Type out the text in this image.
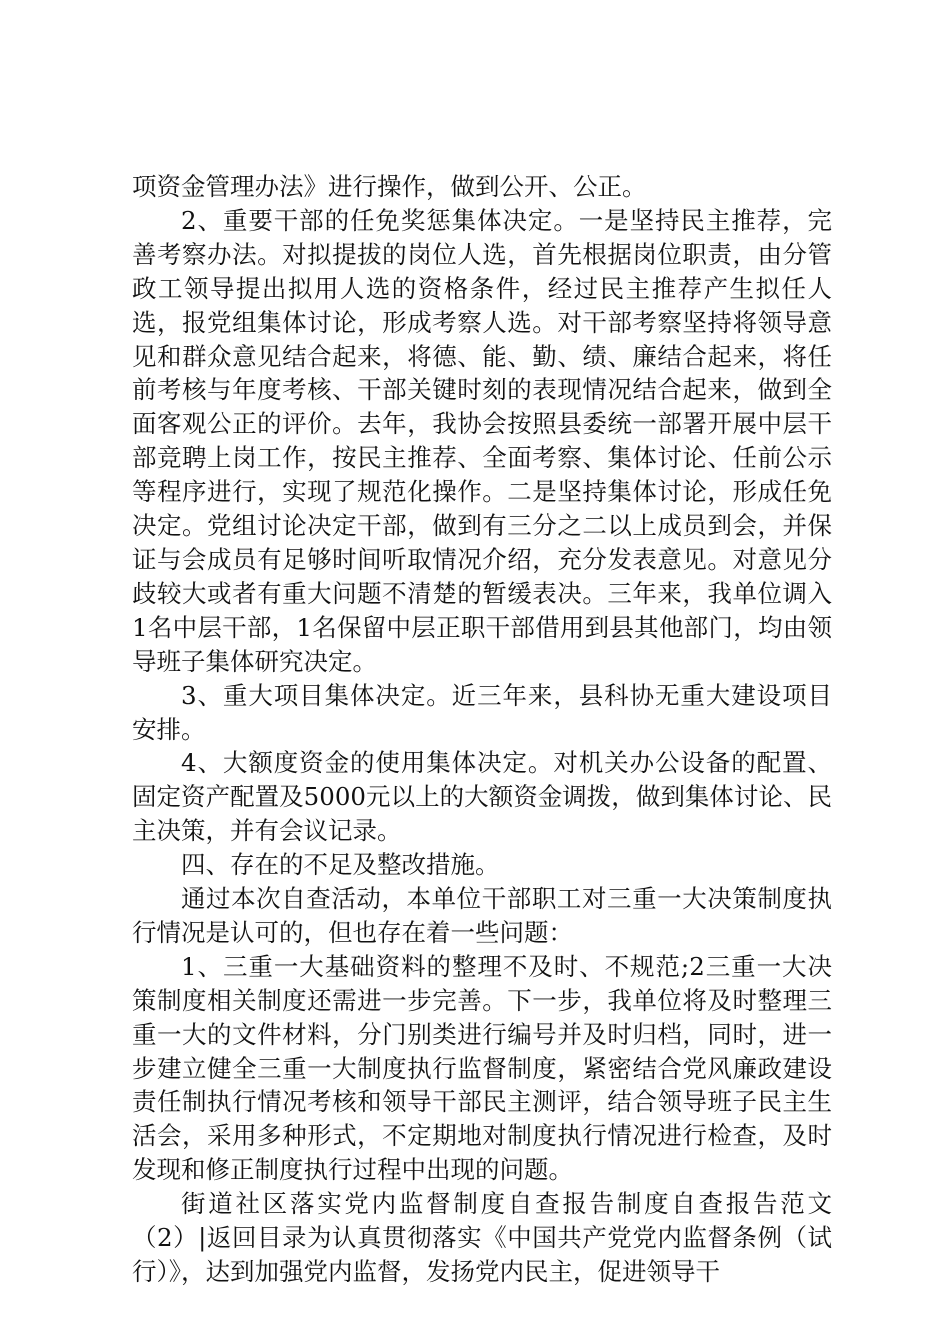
项资金管理办法》进行操作，做到公开、公正。

2、重要干部的任免奖惩集体决定。一是坚持民主推荐，完善考察办法。对拟提拔的岗位人选，首先根据岗位职责，由分管政工领导提出拟用人选的资格条件，经过民主推荐产生拟任人选，报党组集体讨论，形成考察人选。对干部考察坚持将领导意见和群众意见结合起来，将德、能、勤、绩、廉结合起来，将任前考核与年度考核、干部关键时刻的表现情况结合起来，做到全面客观公正的评价。去年，我协会按照县委统一部署开展中层干部竞聘上岗工作，按民主推荐、全面考察、集体讨论、任前公示等程序进行，实现了规范化操作。二是坚持集体讨论，形成任免决定。党组讨论决定干部，做到有三分之二以上成员到会，并保证与会成员有足够时间听取情况介绍，充分发表意见。对意见分歧较大或者有重大问题不清楚的暂缓表决。三年来，我单位调入1名中层干部，1名保留中层正职干部借用到县其他部门，均由领导班子集体研究决定。

3、重大项目集体决定。近三年来，县科协无重大建设项目安排。

4、大额度资金的使用集体决定。对机关办公设备的配置、固定资产配置及5000元以上的大额资金调拨，做到集体讨论、民主决策，并有会议记录。

四、存在的不足及整改措施。

通过本次自查活动，本单位干部职工对三重一大决策制度执行情况是认可的，但也存在着一些问题：

1、三重一大基础资料的整理不及时、不规范;2三重一大决策制度相关制度还需进一步完善。下一步，我单位将及时整理三重一大的文件材料，分门别类进行编号并及时归档，同时，进一步建立健全三重一大制度执行监督制度，紧密结合党风廉政建设责任制执行情况考核和领导干部民主测评，结合领导班子民主生活会，采用多种形式，不定期地对制度执行情况进行检查，及时发现和修正制度执行过程中出现的问题。

街道社区落实党内监督制度自查报告制度自查报告范文（2）|返回目录为认真贯彻落实《中国共产党党内监督条例（试行）》，达到加强党内监督，发扬党内民主，促进领导干
